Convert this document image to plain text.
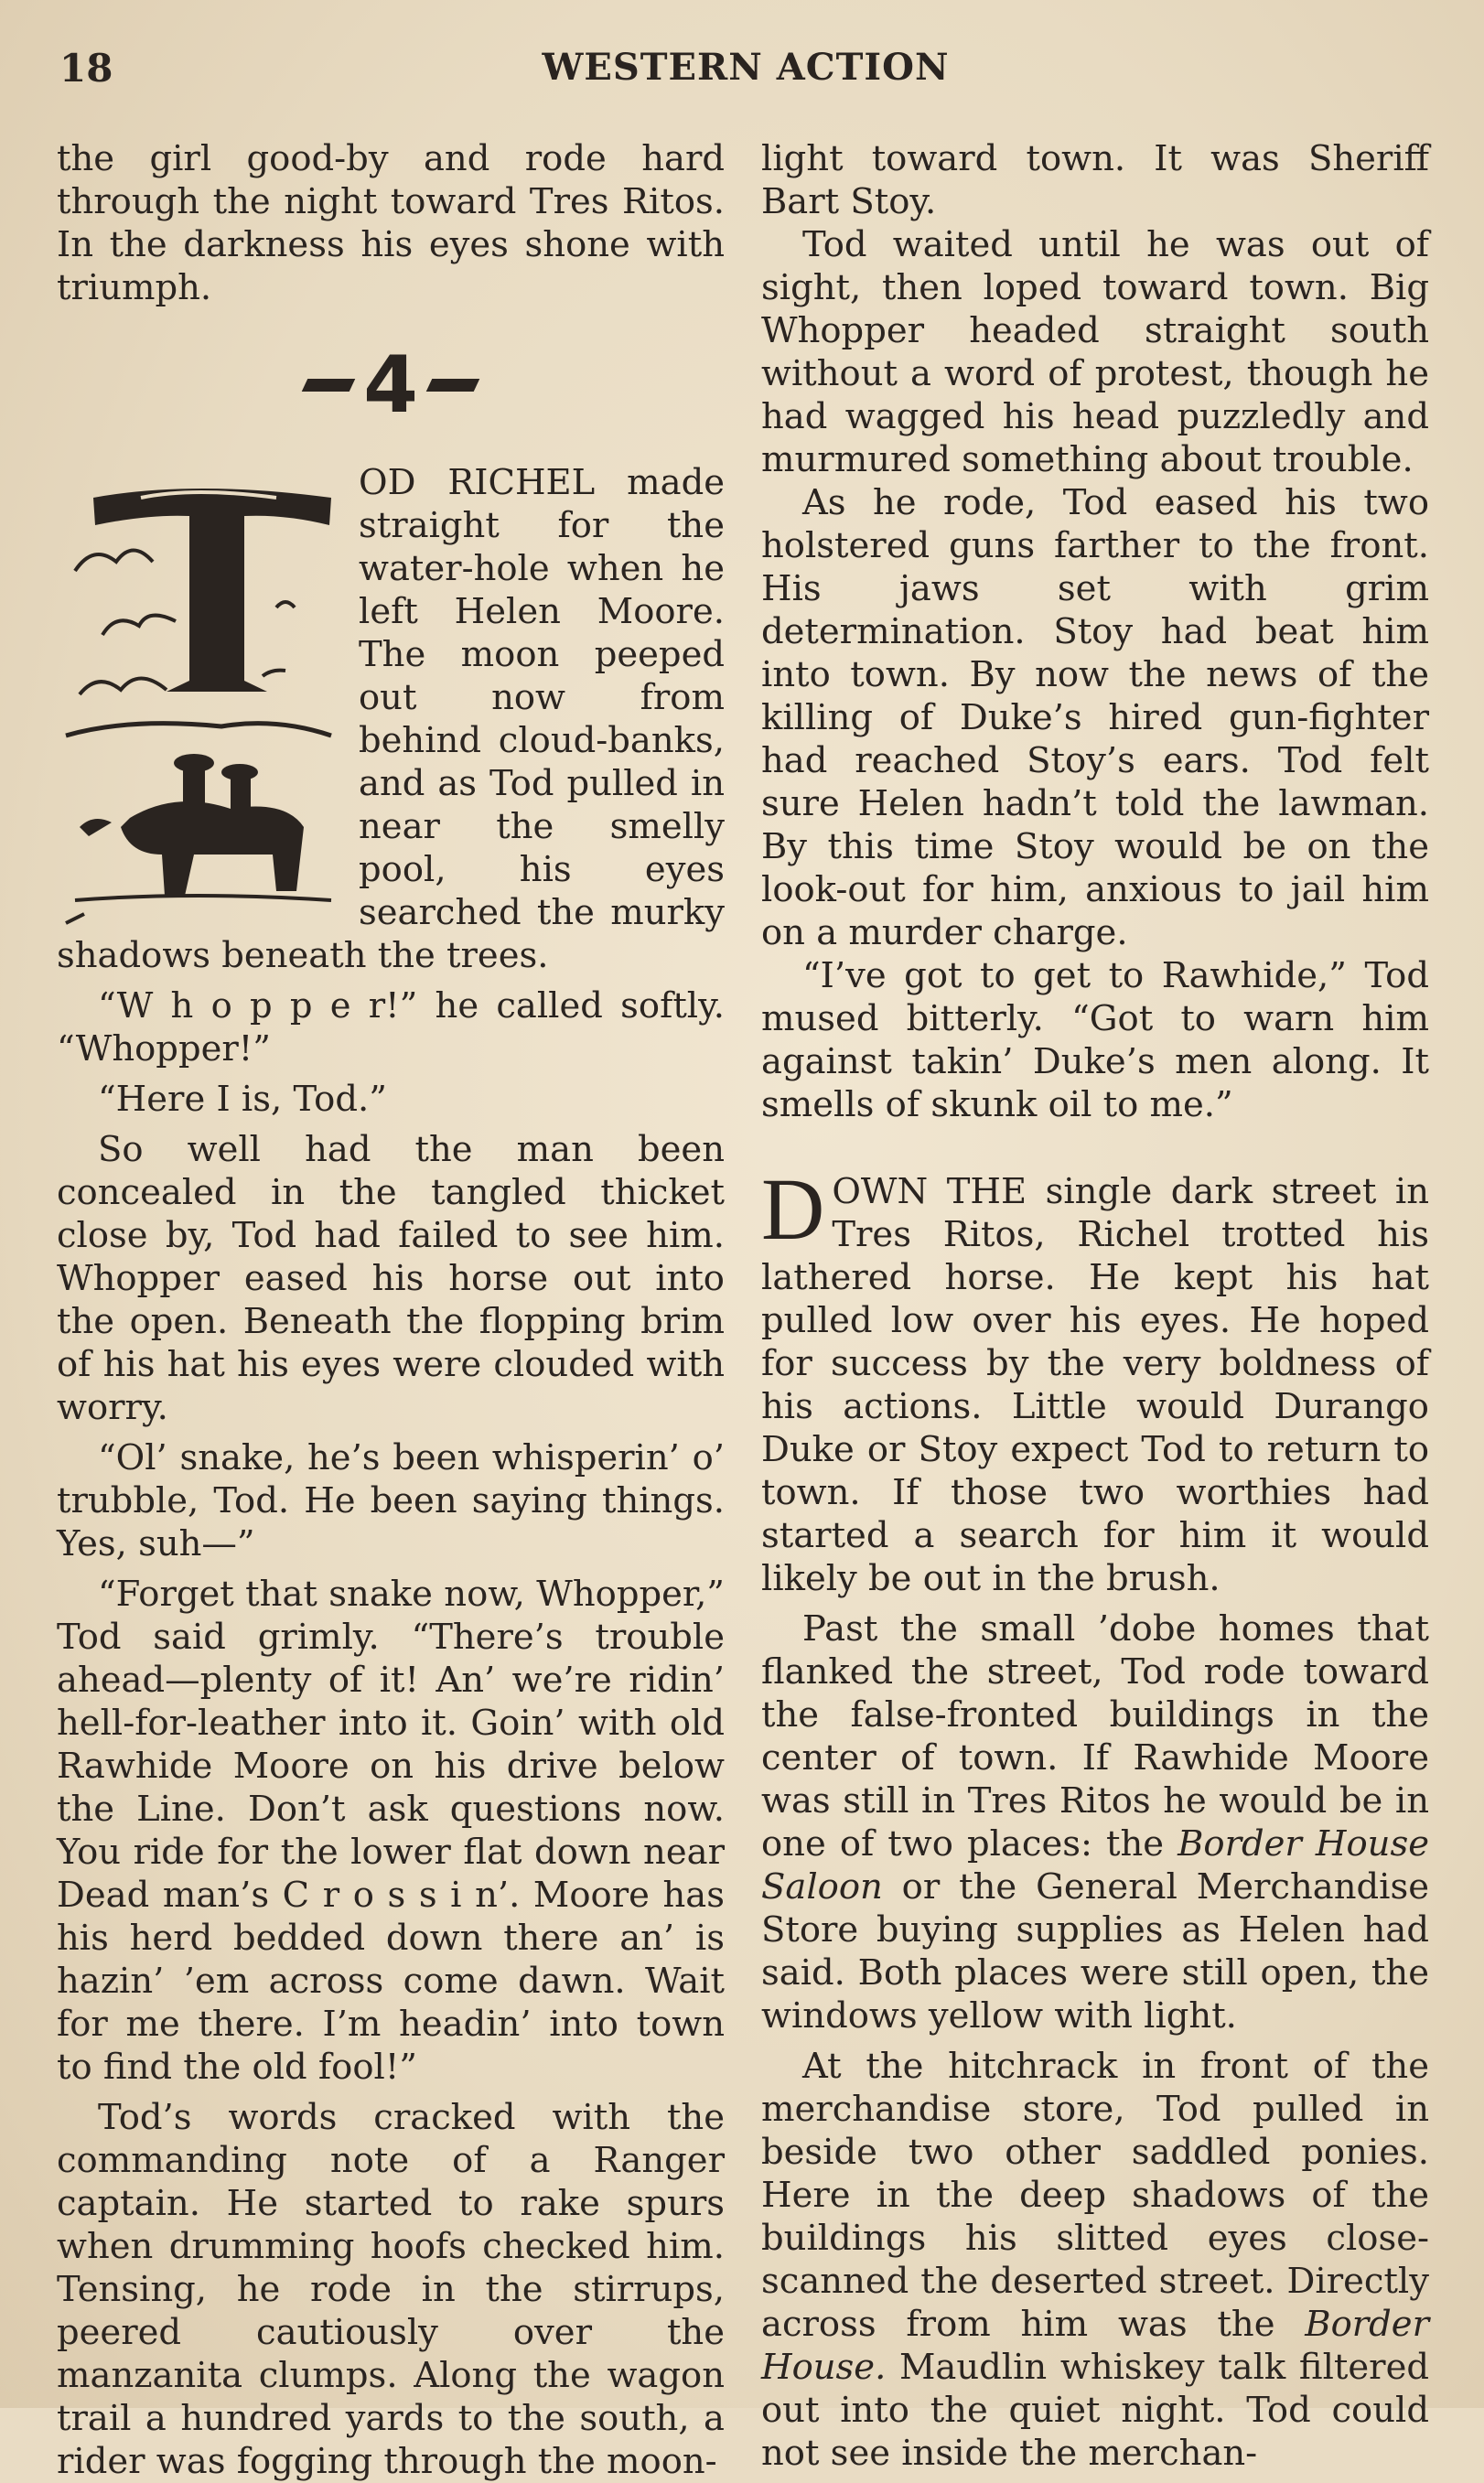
18	WESTERN ACTION

the girl good-by and rode hard through the night toward Tres Ritos. In the darkness his eyes shone with triumph.

4

OD RICHEL made straight for the water-hole when he left Helen Moore. The moon peeped out now from behind cloud-banks, and as Tod pulled in near the smelly pool, his eyes searched the murky shadows beneath the trees.

“W h o p p e r!” he called softly. “Whopper!”

“Here I is, Tod.”

So well had the man been concealed in the tangled thicket close by, Tod had failed to see him. Whopper eased his horse out into the open. Beneath the flopping brim of his hat his eyes were clouded with worry.

“Ol’ snake, he’s been whisperin’ o’ trubble, Tod. He been saying things. Yes, suh—”

“Forget that snake now, Whopper,” Tod said grimly. “There’s trouble ahead—plenty of it! An’ we’re ridin’ hell-for-leather into it. Goin’ with old Rawhide Moore on his drive below the Line. Don’t ask questions now. You ride for the lower flat down near Dead man’s C r o s s i n’. Moore has his herd bedded down there an’ is hazin’ ’em across come dawn. Wait for me there. I’m headin’ into town to find the old fool!”

Tod’s words cracked with the commanding note of a Ranger captain. He started to rake spurs when drumming hoofs checked him. Tensing, he rode in the stirrups, peered cautiously over the manzanita clumps. Along the wagon trail a hundred yards to the south, a rider was fogging through the moon-

light toward town. It was Sheriff Bart Stoy.

Tod waited until he was out of sight, then loped toward town. Big Whopper headed straight south without a word of protest, though he had wagged his head puzzledly and murmured something about trouble.

As he rode, Tod eased his two holstered guns farther to the front. His jaws set with grim determination. Stoy had beat him into town. By now the news of the killing of Duke’s hired gun-fighter had reached Stoy’s ears. Tod felt sure Helen hadn’t told the lawman. By this time Stoy would be on the look-out for him, anxious to jail him on a murder charge.

“I’ve got to get to Rawhide,” Tod mused bitterly. “Got to warn him against takin’ Duke’s men along. It smells of skunk oil to me.”

D OWN THE single dark street in Tres Ritos, Richel trotted his lathered horse. He kept his hat pulled low over his eyes. He hoped for success by the very boldness of his actions. Little would Durango Duke or Stoy expect Tod to return to town. If those two worthies had started a search for him it would likely be out in the brush.

Past the small ’dobe homes that flanked the street, Tod rode toward the false-fronted buildings in the center of town. If Rawhide Moore was still in Tres Ritos he would be in one of two places: the Border House Saloon or the General Merchandise Store buying supplies as Helen had said. Both places were still open, the windows yellow with light.

At the hitchrack in front of the merchandise store, Tod pulled in beside two other saddled ponies. Here in the deep shadows of the buildings his slitted eyes close-scanned the deserted street. Directly across from him was the Border House. Maudlin whiskey talk filtered out into the quiet night. Tod could not see inside the merchan-
